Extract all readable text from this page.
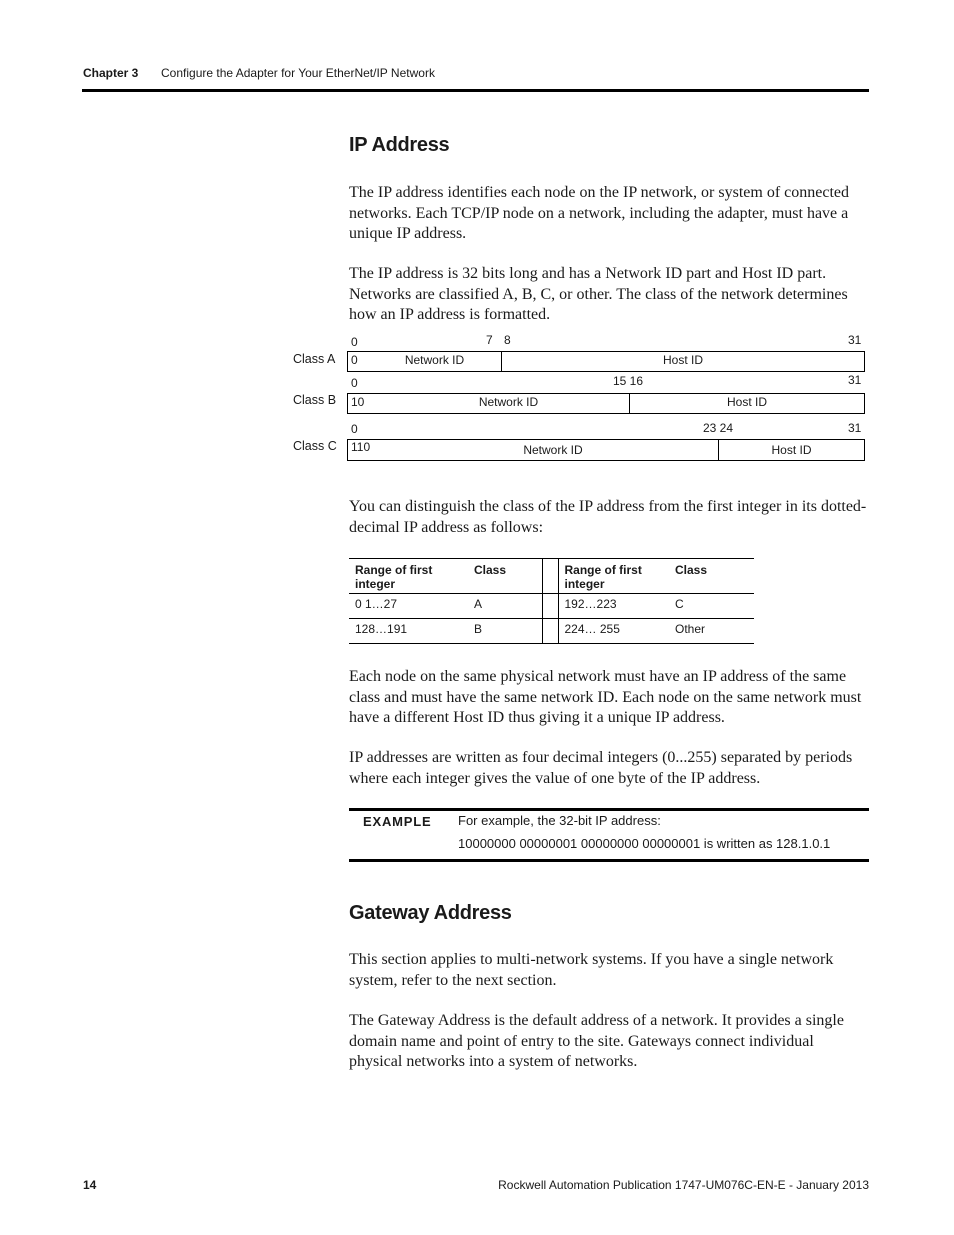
Chapter 3 Configure the Adapter for Your EtherNet/IP Network
IP Address

The IP address identifies each node on the IP network, or system of connected networks. Each TCP/IP node on a network, including the adapter, must have a unique IP address.

The IP address is 32 bits long and has a Network ID part and Host ID part. Networks are classified A, B, C, or other. The class of the network determines how an IP address is formatted.

0	7 8	31
Class A 0	Network ID	Host ID
0	15 16	31
Class B 10	Network ID	Host ID
0	23 24	31
Class C 110	Network ID	Host ID

You can distinguish the class of the IP address from the first integer in its dotted-decimal IP address as follows:

Range of first integer	Class		Range of first integer	Class
0 1…27	A		192…223	C
128…191	B		224… 255	Other

Each node on the same physical network must have an IP address of the same class and must have the same network ID. Each node on the same network must have a different Host ID thus giving it a unique IP address.

IP addresses are written as four decimal integers (0...255) separated by periods where each integer gives the value of one byte of the IP address.

EXAMPLE For example, the 32-bit IP address:
10000000 00000001 00000000 00000001 is written as 128.1.0.1
Gateway Address

This section applies to multi-network systems. If you have a single network system, refer to the next section.

The Gateway Address is the default address of a network. It provides a single domain name and point of entry to the site. Gateways connect individual physical networks into a system of networks.

14	Rockwell Automation Publication 1747-UM076C-EN-E - January 2013
